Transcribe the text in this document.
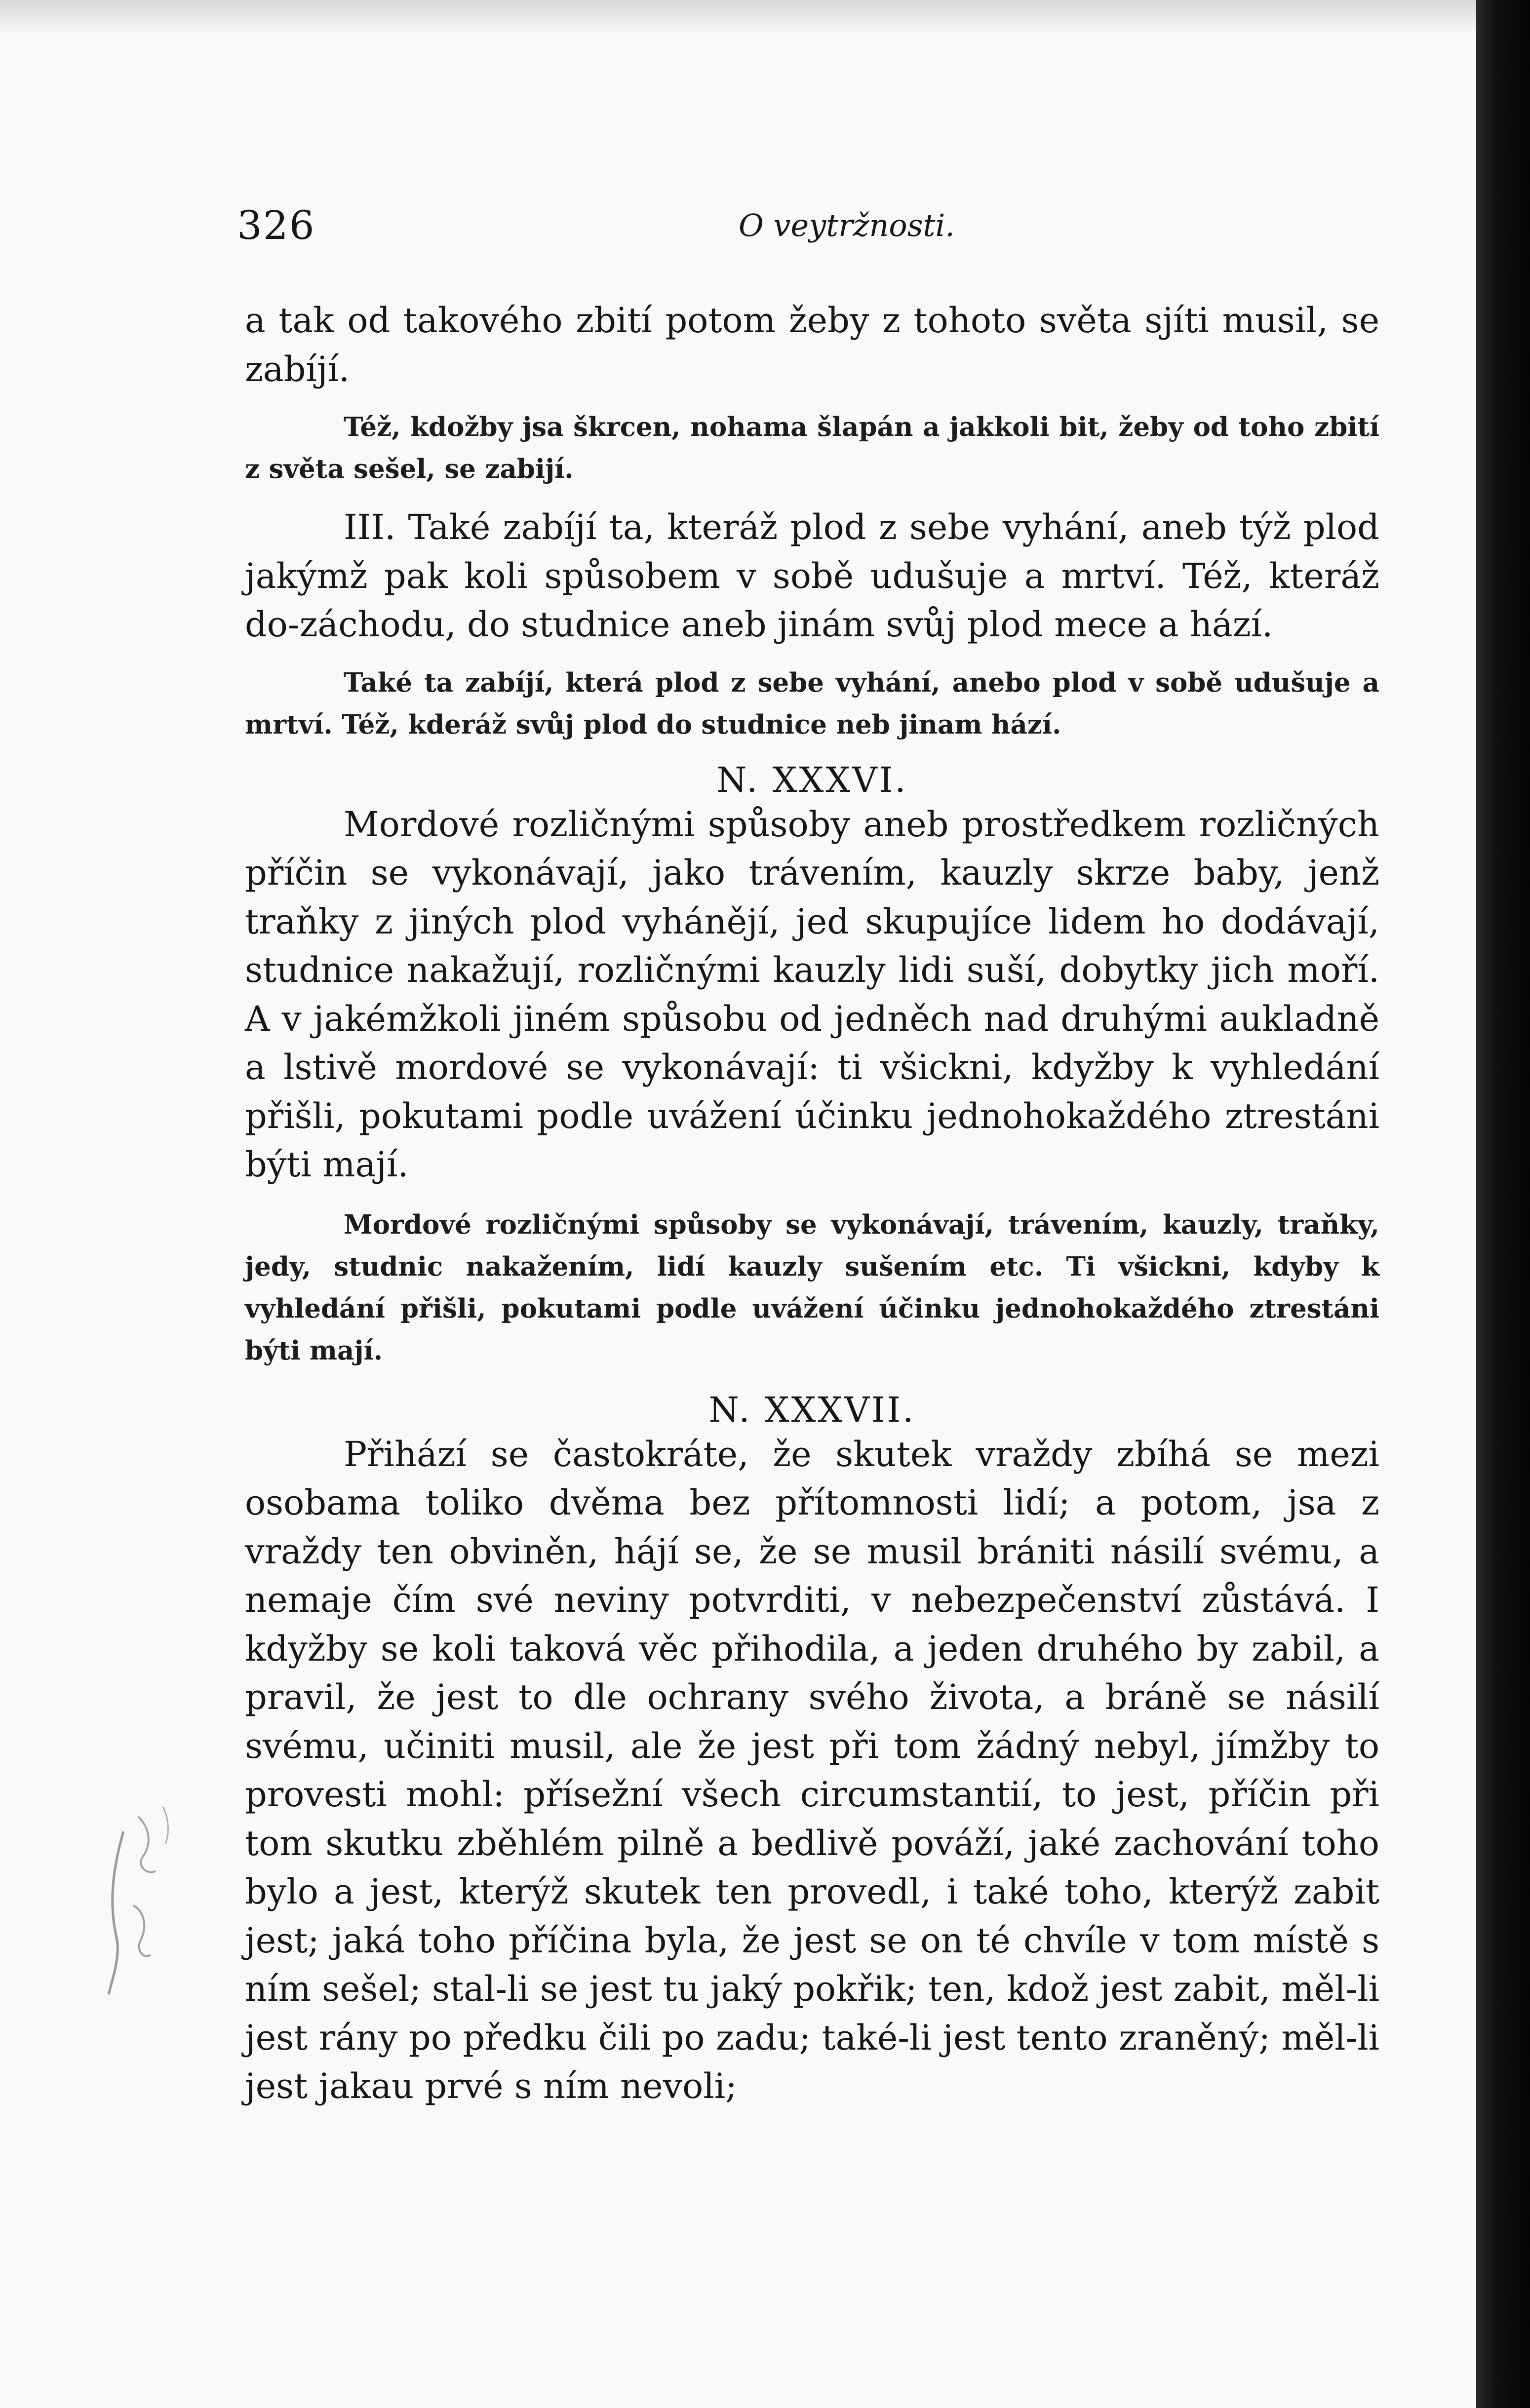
326	O veytržnosti.

a tak od takového zbití potom žeby z tohoto světa sjíti musil, se zabíjí.

Též, kdožby jsa škrcen, nohama šlapán a jakkoli bit, žeby od toho zbití z světa sešel, se zabijí.

III. Také zabíjí ta, kteráž plod z sebe vyhání, aneb týž plod jakýmž pak koli spůsobem v sobě udušuje a mrtví. Též, kteráž do-záchodu, do studnice aneb jinám svůj plod mece a hází.

Také ta zabíjí, která plod z sebe vyhání, anebo plod v sobě udušuje a mrtví. Též, kderáž svůj plod do studnice neb jinam hází.

N. XXXVI.

Mordové rozličnými spůsoby aneb prostředkem rozličných příčin se vykonávají, jako trávením, kauzly skrze baby, jenž traňky z jiných plod vyhánějí, jed skupujíce lidem ho dodávají, studnice nakažují, rozličnými kauzly lidi suší, dobytky jich moří. A v jakémžkoli jiném spůsobu od jedněch nad druhými aukladně a lstivě mordové se vykonávají: ti všickni, kdyžby k vyhledání přišli, pokutami podle uvážení účinku jednohokaždého ztrestáni býti mají.

Mordové rozličnými spůsoby se vykonávají, trávením, kauzly, traňky, jedy, studnic nakažením, lidí kauzly sušením etc. Ti všickni, kdyby k vyhledání přišli, pokutami podle uvážení účinku jednohokaždého ztrestáni býti mají.

N. XXXVII.

Přihází se častokráte, že skutek vraždy zbíhá se mezi osobama toliko dvěma bez přítomnosti lidí; a potom, jsa z vraždy ten obviněn, hájí se, že se musil brániti násilí svému, a nemaje čím své neviny potvrditi, v nebezpečenství zůstává. I kdyžby se koli taková věc přihodila, a jeden druhého by zabil, a pravil, že jest to dle ochrany svého života, a bráně se násilí svému, učiniti musil, ale že jest při tom žádný nebyl, jímžby to provesti mohl: přísežní všech circumstantií, to jest, příčin při tom skutku zběhlém pilně a bedlivě pováží, jaké zachování toho bylo a jest, kterýž skutek ten provedl, i také toho, kterýž zabit jest; jaká toho příčina byla, že jest se on té chvíle v tom místě s ním sešel; stal-li se jest tu jaký pokřik; ten, kdož jest zabit, měl-li jest rány po předku čili po zadu; také-li jest tento zraněný; měl-li jest jakau prvé s ním nevoli;
